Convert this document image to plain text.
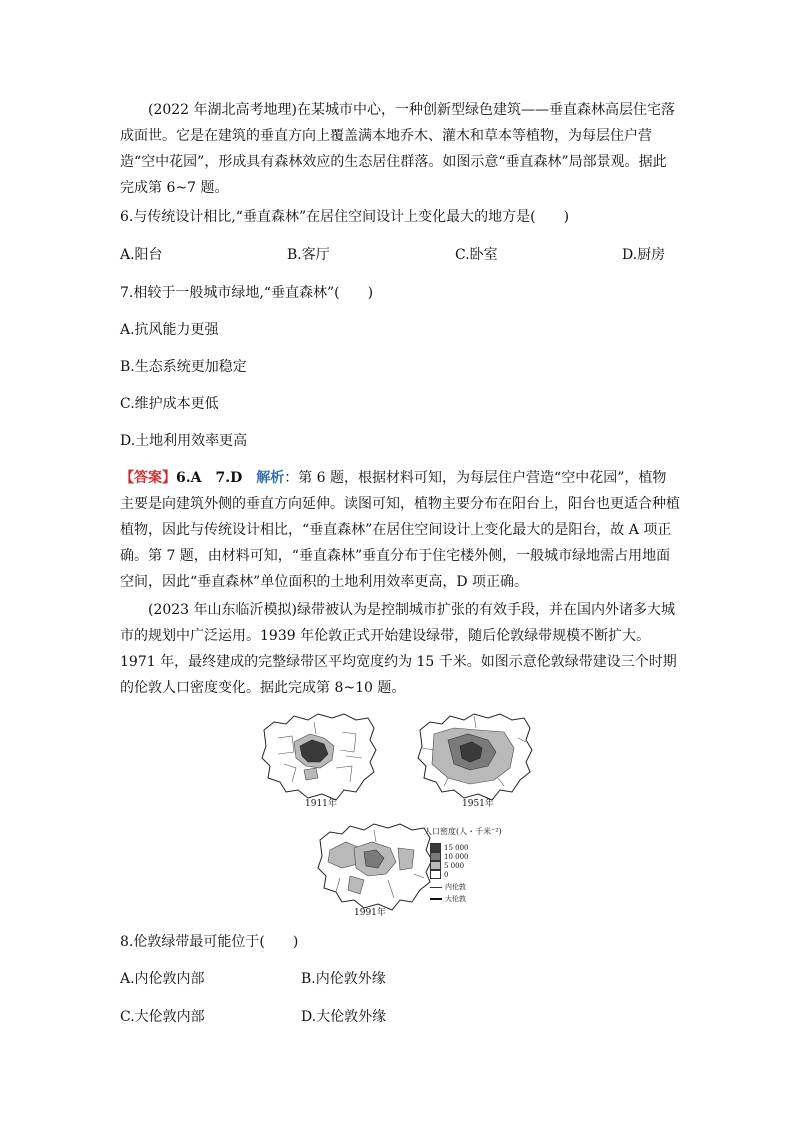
(2022 年湖北高考地理)在某城市中心，一种创新型绿色建筑——垂直森林高层住宅落成面世。它是在建筑的垂直方向上覆盖满本地乔木、灌木和草本等植物，为每层住户营造“空中花园”，形成具有森林效应的生态居住群落。如图示意“垂直森林”局部景观。据此完成第 6~7 题。

6.与传统设计相比,“垂直森林”在居住空间设计上变化最大的地方是(　　)

A.阳台	B.客厅	C.卧室	D.厨房

7.相较于一般城市绿地,“垂直森林”(　　)

A.抗风能力更强

B.生态系统更加稳定

C.维护成本更低

D.土地利用效率更高

【答案】6.A　7.D　解析：第 6 题，根据材料可知，为每层住户营造“空中花园”，植物主要是向建筑外侧的垂直方向延伸。读图可知，植物主要分布在阳台上，阳台也更适合种植植物，因此与传统设计相比，“垂直森林”在居住空间设计上变化最大的是阳台，故 A 项正确。第 7 题，由材料可知，“垂直森林”垂直分布于住宅楼外侧，一般城市绿地需占用地面空间，因此“垂直森林”单位面积的土地利用效率更高，D 项正确。

(2023 年山东临沂模拟)绿带被认为是控制城市扩张的有效手段，并在国内外诸多大城市的规划中广泛运用。1939 年伦敦正式开始建设绿带，随后伦敦绿带规模不断扩大。1971 年，最终建成的完整绿带区平均宽度约为 15 千米。如图示意伦敦绿带建设三个时期的伦敦人口密度变化。据此完成第 8~10 题。

1911年	1951年
1991年
人口密度(人・千米⁻²)
15 000
10 000
5 000
0
内伦敦
大伦敦

8.伦敦绿带最可能位于(　　)

A.内伦敦内部	B.内伦敦外缘
C.大伦敦内部	D.大伦敦外缘
